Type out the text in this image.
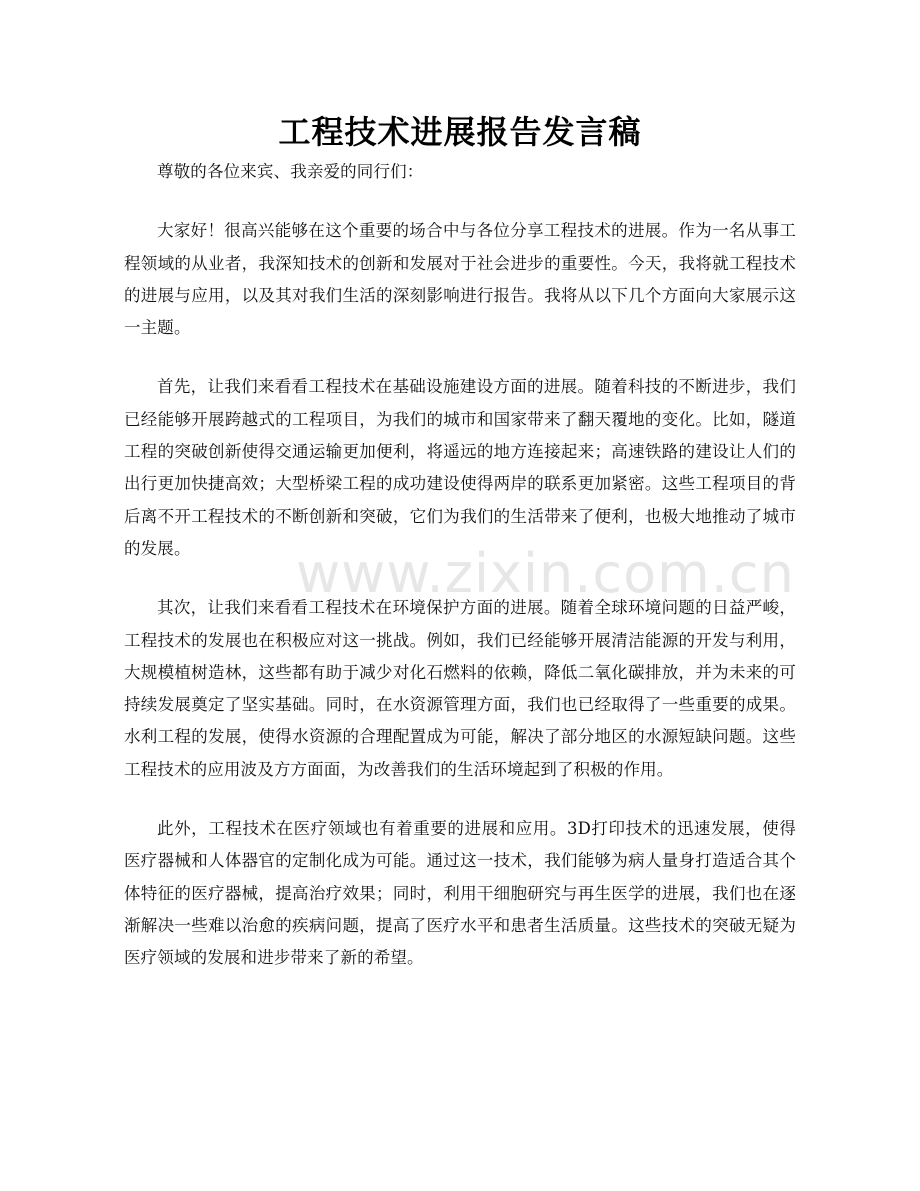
工程技术进展报告发言稿

尊敬的各位来宾、我亲爱的同行们：

大家好！很高兴能够在这个重要的场合中与各位分享工程技术的进展。作为一名从事工程领域的从业者，我深知技术的创新和发展对于社会进步的重要性。今天，我将就工程技术的进展与应用，以及其对我们生活的深刻影响进行报告。我将从以下几个方面向大家展示这一主题。

首先，让我们来看看工程技术在基础设施建设方面的进展。随着科技的不断进步，我们已经能够开展跨越式的工程项目，为我们的城市和国家带来了翻天覆地的变化。比如，隧道工程的突破创新使得交通运输更加便利，将遥远的地方连接起来；高速铁路的建设让人们的出行更加快捷高效；大型桥梁工程的成功建设使得两岸的联系更加紧密。这些工程项目的背后离不开工程技术的不断创新和突破，它们为我们的生活带来了便利，也极大地推动了城市的发展。

其次，让我们来看看工程技术在环境保护方面的进展。随着全球环境问题的日益严峻，工程技术的发展也在积极应对这一挑战。例如，我们已经能够开展清洁能源的开发与利用，大规模植树造林，这些都有助于减少对化石燃料的依赖，降低二氧化碳排放，并为未来的可持续发展奠定了坚实基础。同时，在水资源管理方面，我们也已经取得了一些重要的成果。水利工程的发展，使得水资源的合理配置成为可能，解决了部分地区的水源短缺问题。这些工程技术的应用波及方方面面，为改善我们的生活环境起到了积极的作用。

此外，工程技术在医疗领域也有着重要的进展和应用。3D打印技术的迅速发展，使得医疗器械和人体器官的定制化成为可能。通过这一技术，我们能够为病人量身打造适合其个体特征的医疗器械，提高治疗效果；同时，利用干细胞研究与再生医学的进展，我们也在逐渐解决一些难以治愈的疾病问题，提高了医疗水平和患者生活质量。这些技术的突破无疑为医疗领域的发展和进步带来了新的希望。

www.zixin.com.cn
